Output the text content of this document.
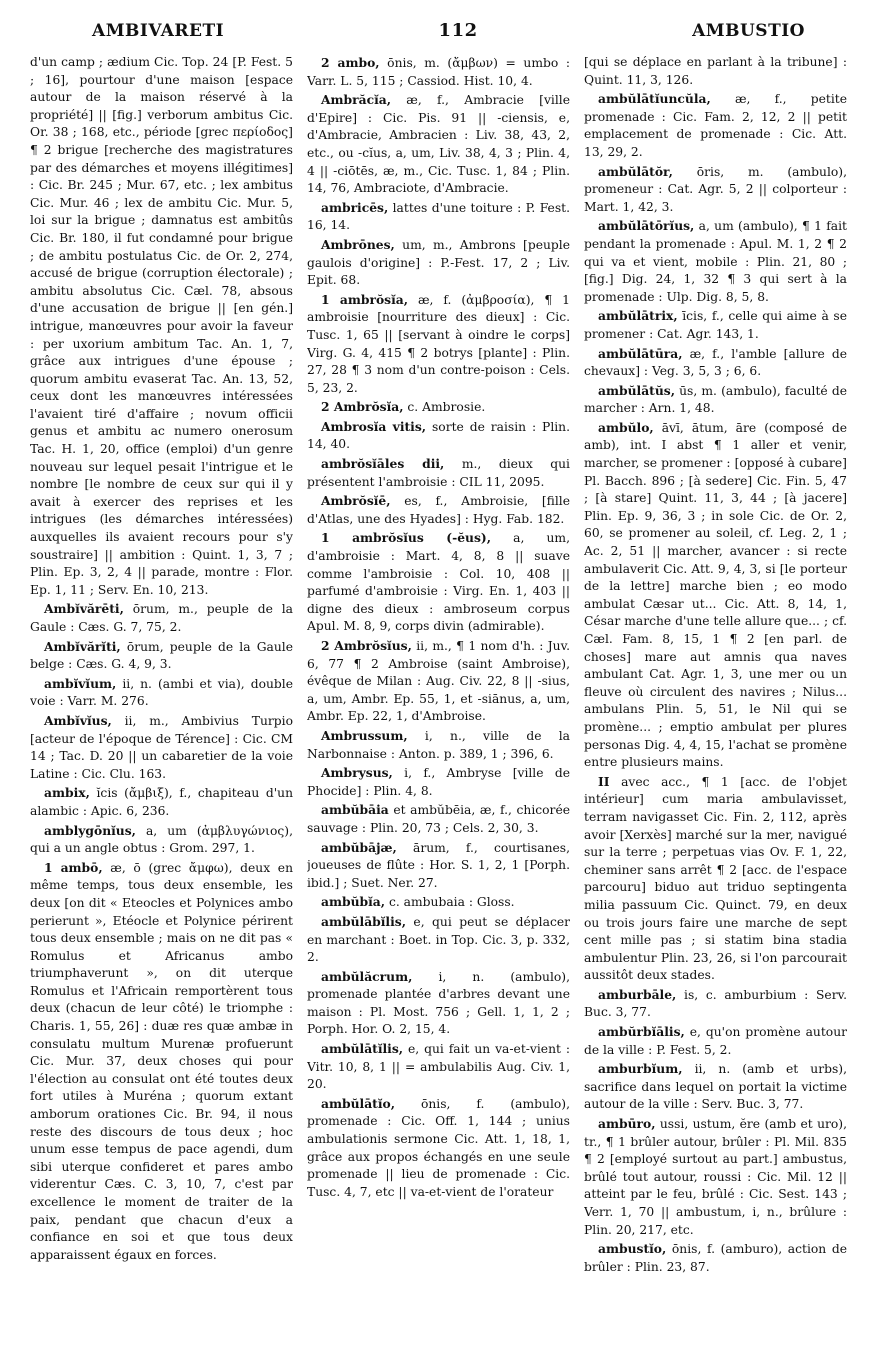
AMBIVARETI	112	AMBUSTIO

d'un camp ; ædium Cic. Top. 24 [P. Fest. 5 ; 16], pourtour d'une maison [espace autour de la maison réservé à la propriété] || [fig.] verborum ambitus Cic. Or. 38 ; 168, etc., période [grec περίοδος] ¶ 2 brigue [recherche des magistratures par des démarches et moyens illégitimes] : Cic. Br. 245 ; Mur. 67, etc. ; lex ambitus Cic. Mur. 46 ; lex de ambitu Cic. Mur. 5, loi sur la brigue ; damnatus est ambitûs Cic. Br. 180, il fut condamné pour brigue ; de ambitu postulatus Cic. de Or. 2, 274, accusé de brigue (corruption électorale) ; ambitu absolutus Cic. Cæl. 78, absous d'une accusation de brigue || [en gén.] intrigue, manœuvres pour avoir la faveur : per uxorium ambitum Tac. An. 1, 7, grâce aux intrigues d'une épouse ; quorum ambitu evaserat Tac. An. 13, 52, ceux dont les manœuvres intéressées l'avaient tiré d'affaire ; novum officii genus et ambitu ac numero onerosum Tac. H. 1, 20, office (emploi) d'un genre nouveau sur lequel pesait l'intrigue et le nombre [le nombre de ceux sur qui il y avait à exercer des reprises et les intrigues (les démarches intéressées) auxquelles ils avaient recours pour s'y soustraire] || ambition : Quint. 1, 3, 7 ; Plin. Ep. 3, 2, 4 || parade, montre : Flor. Ep. 1, 11 ; Serv. En. 10, 213.

Ambĭvărēti, ōrum, m., peuple de la Gaule : Cæs. G. 7, 75, 2.

Ambĭvărĭti, ōrum, peuple de la Gaule belge : Cæs. G. 4, 9, 3.

ambĭvĭum, ii, n. (ambi et via), double voie : Varr. M. 276.

Ambĭvĭus, ii, m., Ambivius Turpio [acteur de l'époque de Térence] : Cic. CM 14 ; Tac. D. 20 || un cabaretier de la voie Latine : Cic. Clu. 163.

ambix, ĭcis (ἄμβιξ), f., chapiteau d'un alambic : Apic. 6, 236.

amblygōnĭus, a, um (ἀμβλυγώνιος), qui a un angle obtus : Grom. 297, 1.

1 ambō, æ, ō (grec ἄμφω), deux en même temps, tous deux ensemble, les deux [on dit « Eteocles et Polynices ambo perierunt », Etéocle et Polynice périrent tous deux ensemble ; mais on ne dit pas « Romulus et Africanus ambo triumphaverunt », on dit uterque Romulus et l'Africain remportèrent tous deux (chacun de leur côté) le triomphe : Charis. 1, 55, 26] : duæ res quæ ambæ in consulatu multum Murenæ profuerunt Cic. Mur. 37, deux choses qui pour l'élection au consulat ont été toutes deux fort utiles à Muréna ; quorum extant amborum orationes Cic. Br. 94, il nous reste des discours de tous deux ; hoc unum esse tempus de pace agendi, dum sibi uterque confideret et pares ambo viderentur Cæs. C. 3, 10, 7, c'est par excellence le moment de traiter de la paix, pendant que chacun d'eux a confiance en soi et que tous deux apparaissent égaux en forces.

2 ambo, ōnis, m. (ἄμβων) = umbo : Varr. L. 5, 115 ; Cassiod. Hist. 10, 4.

Ambrăcĭa, æ, f., Ambracie [ville d'Epire] : Cic. Pis. 91 || -ciensis, e, d'Ambracie, Ambracien : Liv. 38, 43, 2, etc., ou -cĭus, a, um, Liv. 38, 4, 3 ; Plin. 4, 4 || -ciōtēs, æ, m., Cic. Tusc. 1, 84 ; Plin. 14, 76, Ambraciote, d'Ambracie.

ambricēs, lattes d'une toiture : P. Fest. 16, 14.

Ambrōnes, um, m., Ambrons [peuple gaulois d'origine] : P.-Fest. 17, 2 ; Liv. Epit. 68.

1 ambrŏsĭa, æ, f. (ἀμβροσία), ¶ 1 ambroisie [nourriture des dieux] : Cic. Tusc. 1, 65 || [servant à oindre le corps] Virg. G. 4, 415 ¶ 2 botrys [plante] : Plin. 27, 28 ¶ 3 nom d'un contre-poison : Cels. 5, 23, 2.

2 Ambrŏsĭa, c. Ambrosie.

Ambrosĭa vitis, sorte de raisin : Plin. 14, 40.

ambrŏsĭāles dii, m., dieux qui présentent l'ambroisie : CIL 11, 2095.

Ambrŏsĭē, es, f., Ambroisie, [fille d'Atlas, une des Hyades] : Hyg. Fab. 182.

1 ambrŏsĭus (-ĕus), a, um, d'ambroisie : Mart. 4, 8, 8 || suave comme l'ambroisie : Col. 10, 408 || parfumé d'ambroisie : Virg. En. 1, 403 || digne des dieux : ambroseum corpus Apul. M. 8, 9, corps divin (admirable).

2 Ambrŏsĭus, ii, m., ¶ 1 nom d'h. : Juv. 6, 77 ¶ 2 Ambroise (saint Ambroise), évêque de Milan : Aug. Civ. 22, 8 || -sius, a, um, Ambr. Ep. 55, 1, et -siānus, a, um, Ambr. Ep. 22, 1, d'Ambroise.

Ambrussum, i, n., ville de la Narbonnaise : Anton. p. 389, 1 ; 396, 6.

Ambrysus, i, f., Ambryse [ville de Phocide] : Plin. 4, 8.

ambŭbāia et ambŭbēia, æ, f., chicorée sauvage : Plin. 20, 73 ; Cels. 2, 30, 3.

ambŭbājæ, ārum, f., courtisanes, joueuses de flûte : Hor. S. 1, 2, 1 [Porph. ibid.] ; Suet. Ner. 27.

ambŭbĭa, c. ambubaia : Gloss.

ambŭlābĭlis, e, qui peut se déplacer en marchant : Boet. in Top. Cic. 3, p. 332, 2.

ambŭlăcrum, i, n. (ambulo), promenade plantée d'arbres devant une maison : Pl. Most. 756 ; Gell. 1, 1, 2 ; Porph. Hor. O. 2, 15, 4.

ambŭlātĭlis, e, qui fait un va-et-vient : Vitr. 10, 8, 1 || = ambulabilis Aug. Civ. 1, 20.

ambŭlātĭo, ōnis, f. (ambulo), promenade : Cic. Off. 1, 144 ; unius ambulationis sermone Cic. Att. 1, 18, 1, grâce aux propos échangés en une seule promenade || lieu de promenade : Cic. Tusc. 4, 7, etc || va-et-vient de l'orateur

[qui se déplace en parlant à la tribune] : Quint. 11, 3, 126.

ambŭlātĭuncŭla, æ, f., petite promenade : Cic. Fam. 2, 12, 2 || petit emplacement de promenade : Cic. Att. 13, 29, 2.

ambŭlātŏr, ōris, m. (ambulo), promeneur : Cat. Agr. 5, 2 || colporteur : Mart. 1, 42, 3.

ambŭlātōrĭus, a, um (ambulo), ¶ 1 fait pendant la promenade : Apul. M. 1, 2 ¶ 2 qui va et vient, mobile : Plin. 21, 80 ; [fig.] Dig. 24, 1, 32 ¶ 3 qui sert à la promenade : Ulp. Dig. 8, 5, 8.

ambŭlātrix, īcis, f., celle qui aime à se promener : Cat. Agr. 143, 1.

ambŭlātūra, æ, f., l'amble [allure de chevaux] : Veg. 3, 5, 3 ; 6, 6.

ambŭlātŭs, ūs, m. (ambulo), faculté de marcher : Arn. 1, 48.

ambŭlo, āvī, ātum, āre (composé de amb), int. I abst ¶ 1 aller et venir, marcher, se promener : [opposé à cubare] Pl. Bacch. 896 ; [à sedere] Cic. Fin. 5, 47 ; [à stare] Quint. 11, 3, 44 ; [à jacere] Plin. Ep. 9, 36, 3 ; in sole Cic. de Or. 2, 60, se promener au soleil, cf. Leg. 2, 1 ; Ac. 2, 51 || marcher, avancer : si recte ambulaverit Cic. Att. 9, 4, 3, si [le porteur de la lettre] marche bien ; eo modo ambulat Cæsar ut... Cic. Att. 8, 14, 1, César marche d'une telle allure que... ; cf. Cæl. Fam. 8, 15, 1 ¶ 2 [en parl. de choses] mare aut amnis qua naves ambulant Cat. Agr. 1, 3, une mer ou un fleuve où circulent des navires ; Nilus... ambulans Plin. 5, 51, le Nil qui se promène... ; emptio ambulat per plures personas Dig. 4, 4, 15, l'achat se promène entre plusieurs mains.

II avec acc., ¶ 1 [acc. de l'objet intérieur] cum maria ambulavisset, terram navigasset Cic. Fin. 2, 112, après avoir [Xerxès] marché sur la mer, navigué sur la terre ; perpetuas vias Ov. F. 1, 22, cheminer sans arrêt ¶ 2 [acc. de l'espace parcouru] biduo aut triduo septingenta milia passuum Cic. Quinct. 79, en deux ou trois jours faire une marche de sept cent mille pas ; si statim bina stadia ambulentur Plin. 23, 26, si l'on parcourait aussitôt deux stades.

amburbāle, is, c. amburbium : Serv. Buc. 3, 77.

ambŭrbĭālis, e, qu'on promène autour de la ville : P. Fest. 5, 2.

amburbĭum, ii, n. (amb et urbs), sacrifice dans lequel on portait la victime autour de la ville : Serv. Buc. 3, 77.

ambūro, ussi, ustum, ĕre (amb et uro), tr., ¶ 1 brûler autour, brûler : Pl. Mil. 835 ¶ 2 [employé surtout au part.] ambustus, brûlé tout autour, roussi : Cic. Mil. 12 || atteint par le feu, brûlé : Cic. Sest. 143 ; Verr. 1, 70 || ambustum, i, n., brûlure : Plin. 20, 217, etc.

ambustĭo, ōnis, f. (amburo), action de brûler : Plin. 23, 87.
